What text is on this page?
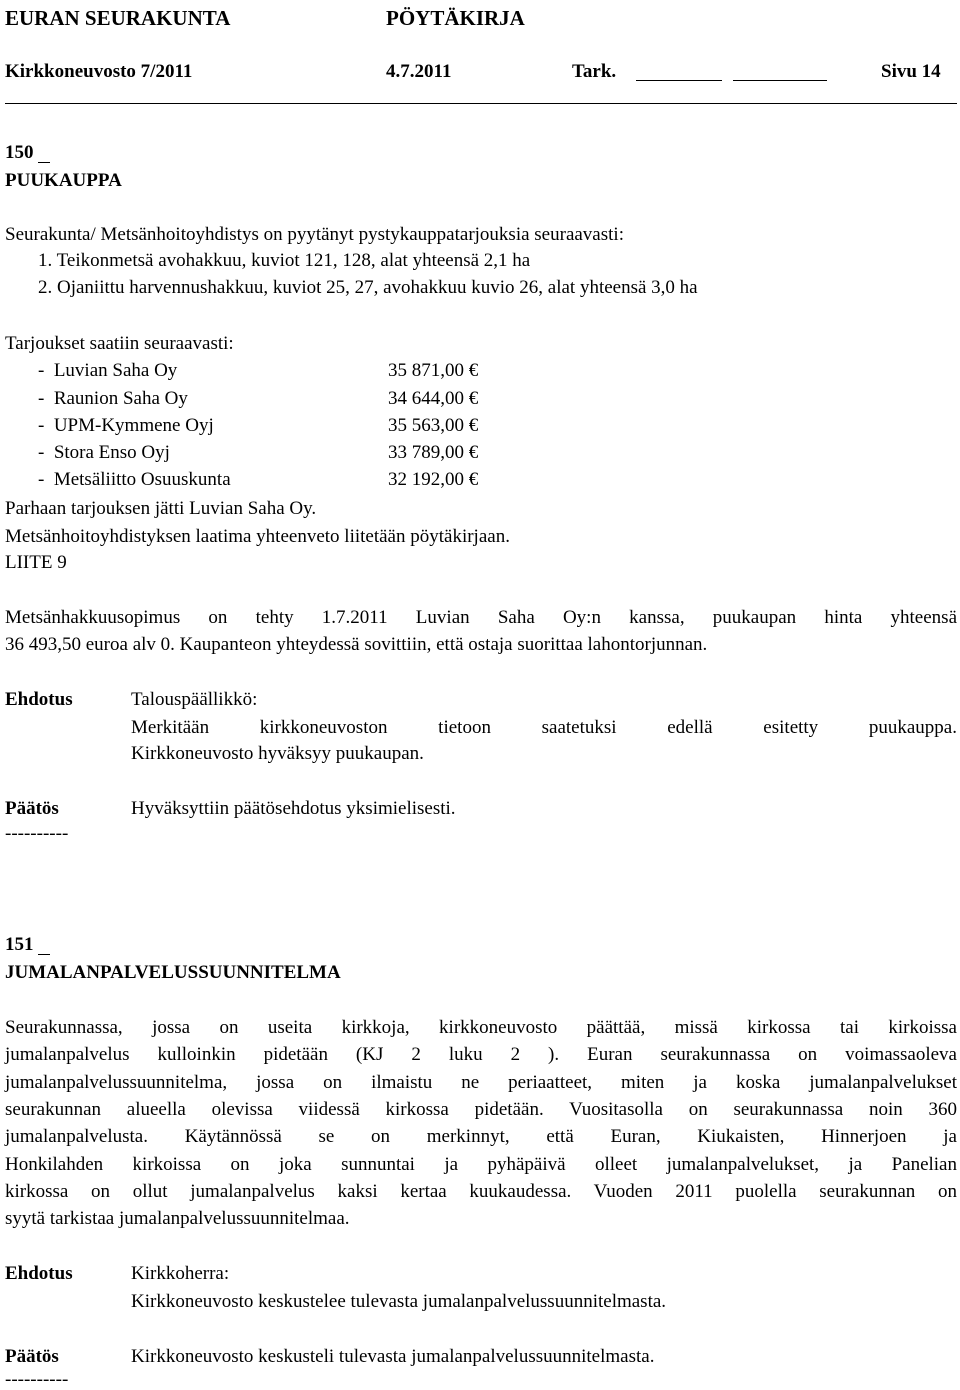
EURAN SEURAKUNTA	PÖYTÄKIRJA
Kirkkoneuvosto 7/2011	4.7.2011	Tark.	Sivu 14
150
PUUKAUPPA
Seurakunta/ Metsänhoitoyhdistys on pyytänyt pystykauppatarjouksia seuraavasti:
1. Teikonmetsä avohakkuu, kuviot 121, 128, alat yhteensä 2,1 ha
2. Ojaniittu harvennushakkuu, kuviot 25, 27, avohakkuu kuvio 26, alat yhteensä 3,0 ha
Tarjoukset saatiin seuraavasti:
-  Luvian Saha Oy	35 871,00 €
-  Raunion Saha Oy	34 644,00 €
-  UPM-Kymmene Oyj	35 563,00 €
-  Stora Enso Oyj	33 789,00 €
-  Metsäliitto Osuuskunta	32 192,00 €
Parhaan tarjouksen jätti Luvian Saha Oy.
Metsänhoitoyhdistyksen laatima yhteenveto liitetään pöytäkirjaan.
LIITE 9
Metsänhakkuusopimus on tehty 1.7.2011 Luvian Saha Oy:n kanssa, puukaupan hinta yhteensä
36 493,50 euroa alv 0. Kaupanteon yhteydessä sovittiin, että ostaja suorittaa lahontorjunnan.
Ehdotus	Talouspäällikkö:
Merkitään kirkkoneuvoston tietoon saatetuksi edellä esitetty puukauppa.
Kirkkoneuvosto hyväksyy puukaupan.
Päätös	Hyväksyttiin päätösehdotus yksimielisesti.
----------
151
JUMALANPALVELUSSUUNNITELMA
Seurakunnassa, jossa on useita kirkkoja, kirkkoneuvosto päättää, missä kirkossa tai kirkoissa
jumalanpalvelus kulloinkin pidetään (KJ 2 luku 2 ). Euran seurakunnassa on voimassaoleva
jumalanpalvelussuunnitelma, jossa on ilmaistu ne periaatteet, miten ja koska jumalanpalvelukset
seurakunnan alueella olevissa viidessä kirkossa pidetään. Vuositasolla on seurakunnassa noin 360
jumalanpalvelusta. Käytännössä se on merkinnyt, että Euran, Kiukaisten, Hinnerjoen ja
Honkilahden kirkoissa on joka sunnuntai ja pyhäpäivä olleet jumalanpalvelukset, ja Panelian
kirkossa on ollut jumalanpalvelus kaksi kertaa kuukaudessa. Vuoden 2011 puolella seurakunnan on
syytä tarkistaa jumalanpalvelussuunnitelmaa.
Ehdotus	Kirkkoherra:
Kirkkoneuvosto keskustelee tulevasta jumalanpalvelussuunnitelmasta.
Päätös	Kirkkoneuvosto keskusteli tulevasta jumalanpalvelussuunnitelmasta.
----------
